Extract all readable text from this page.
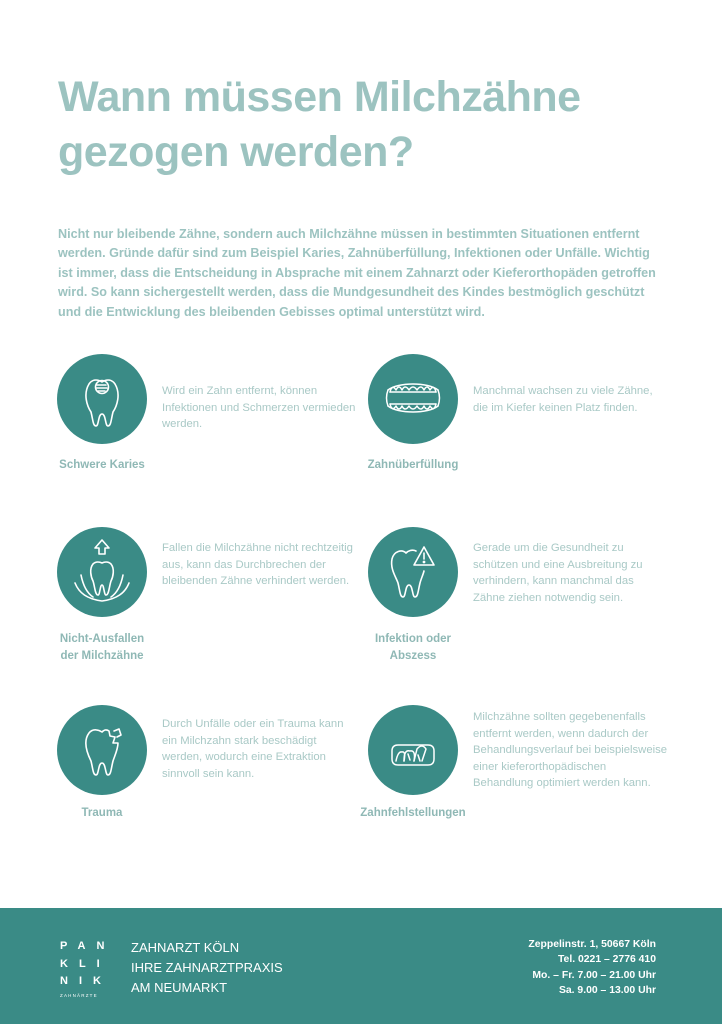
Wann müssen Milchzähne
gezogen werden?
Nicht nur bleibende Zähne, sondern auch Milchzähne müssen in bestimmten Situationen entfernt werden. Gründe dafür sind zum Beispiel Karies, Zahnüberfüllung, Infektionen oder Unfälle. Wichtig ist immer, dass die Entscheidung in Absprache mit einem Zahnarzt oder Kieferorthopäden getroffen wird. So kann sichergestellt werden, dass die Mundgesundheit des Kindes bestmöglich geschützt und die Entwicklung des bleibenden Gebisses optimal unterstützt wird.
Schwere Karies
Wird ein Zahn entfernt, können Infektionen und Schmerzen vermieden werden.
Zahnüberfüllung
Manchmal wachsen zu viele Zähne, die im Kiefer keinen Platz finden.
Nicht-Ausfallen
der Milchzähne
Fallen die Milchzähne nicht rechtzeitig aus, kann das Durchbrechen der bleibenden Zähne verhindert werden.
Infektion oder
Abszess
Gerade um die Gesundheit zu schützen und eine Ausbreitung zu verhindern, kann manchmal das Zähne ziehen notwendig sein.
Trauma
Durch Unfälle oder ein Trauma kann ein Milchzahn stark beschädigt werden, wodurch eine Extraktion sinnvoll sein kann.
Zahnfehlstellungen
Milchzähne sollten gegebenenfalls entfernt werden, wenn dadurch der Behandlungsverlauf bei beispielsweise einer kieferorthopädischen Behandlung optimiert werden kann.
PAN
KLI
NIK
ZAHNÄRZTE
ZAHNARZT KÖLN
IHRE ZAHNARZTPRAXIS
AM NEUMARKT
Zeppelinstr. 1, 50667 Köln
Tel. 0221 – 2776 410
Mo. – Fr. 7.00 – 21.00 Uhr
Sa. 9.00 – 13.00 Uhr
